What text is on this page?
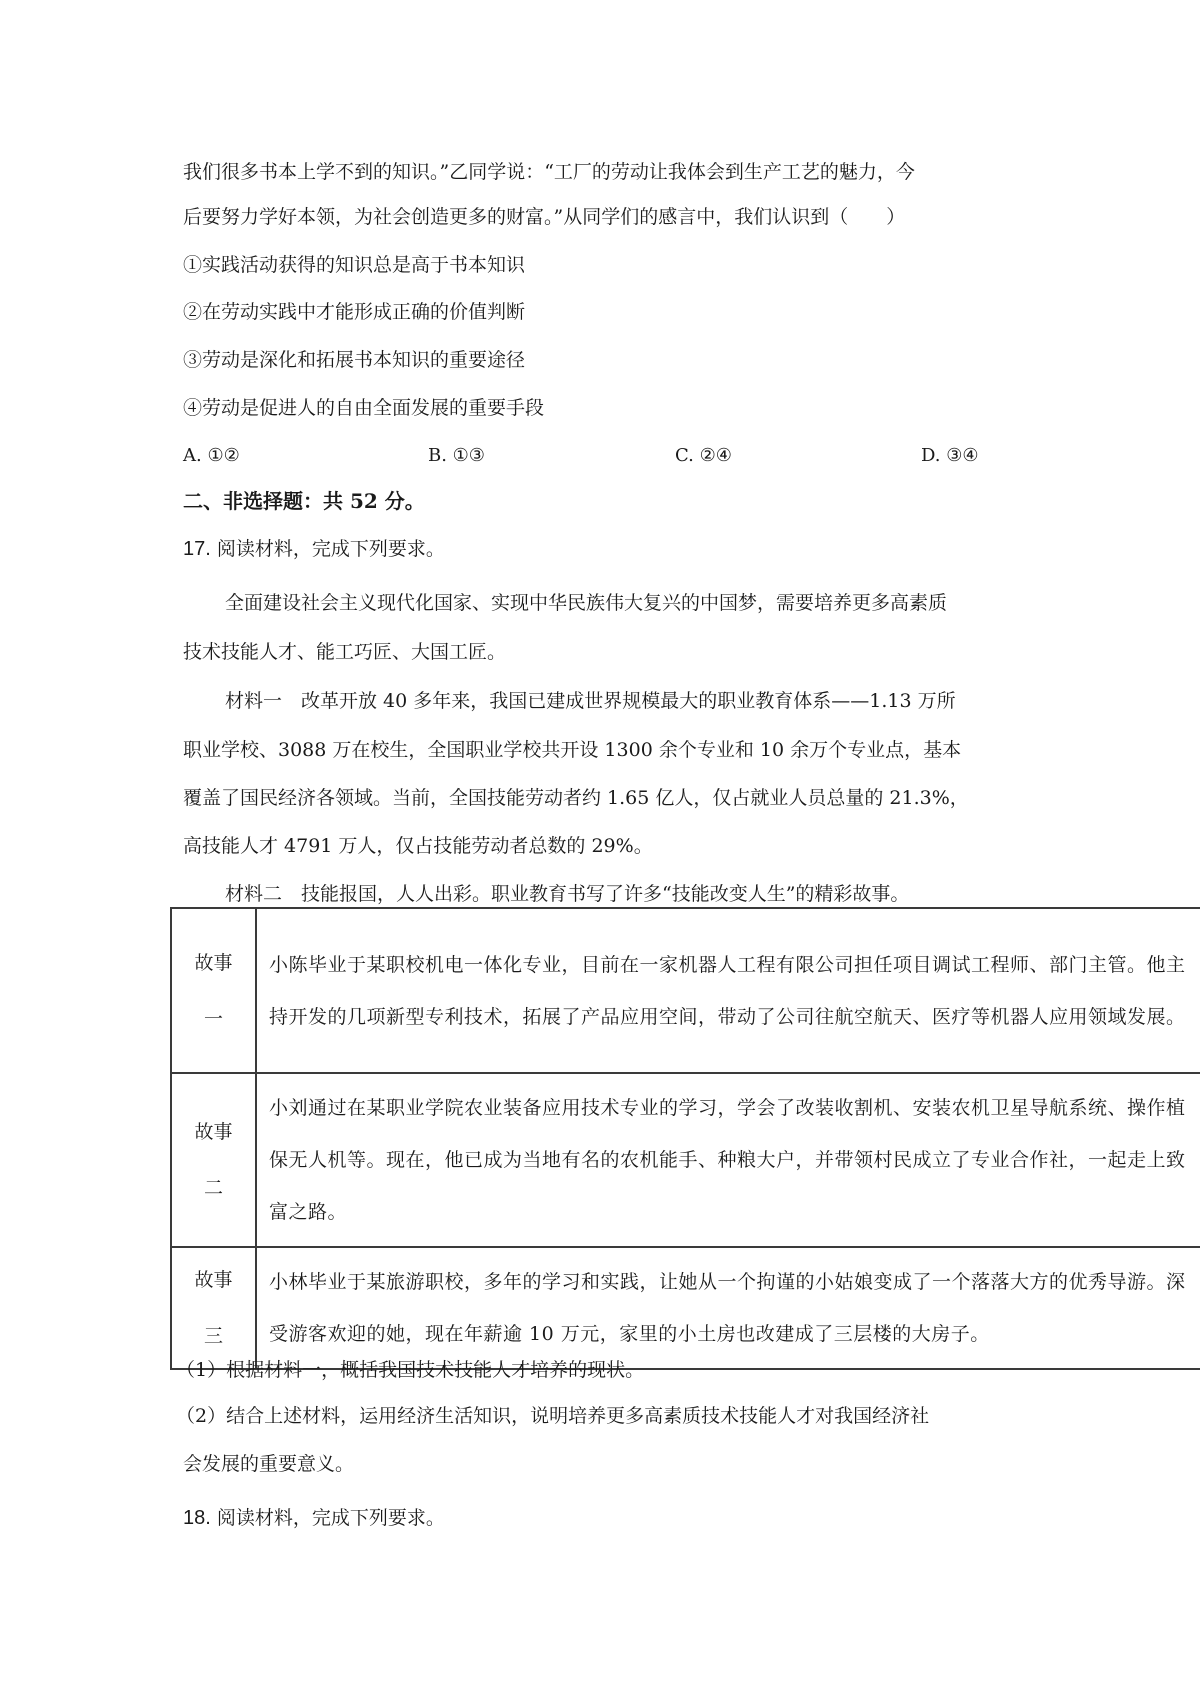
我们很多书本上学不到的知识。”乙同学说：“工厂的劳动让我体会到生产工艺的魅力，今
后要努力学好本领，为社会创造更多的财富。”从同学们的感言中，我们认识到（　　）
①实践活动获得的知识总是高于书本知识
②在劳动实践中才能形成正确的价值判断
③劳动是深化和拓展书本知识的重要途径
④劳动是促进人的自由全面发展的重要手段
A. ①②	B. ①③	C. ②④	D. ③④
二、非选择题：共 52 分。
17. 阅读材料，完成下列要求。
全面建设社会主义现代化国家、实现中华民族伟大复兴的中国梦，需要培养更多高素质
技术技能人才、能工巧匠、大国工匠。
材料一　改革开放 40 多年来，我国已建成世界规模最大的职业教育体系——1.13 万所
职业学校、3088 万在校生，全国职业学校共开设 1300 余个专业和 10 余万个专业点，基本
覆盖了国民经济各领域。当前，全国技能劳动者约 1.65 亿人，仅占就业人员总量的 21.3%，
高技能人才 4791 万人，仅占技能劳动者总数的 29%。
材料二　技能报国，人人出彩。职业教育书写了许多“技能改变人生”的精彩故事。
故事一	小陈毕业于某职校机电一体化专业，目前在一家机器人工程有限公司担任项目调试工程师、部门主管。他主持开发的几项新型专利技术，拓展了产品应用空间，带动了公司往航空航天、医疗等机器人应用领域发展。

故事二	小刘通过在某职业学院农业装备应用技术专业的学习，学会了改装收割机、安装农机卫星导航系统、操作植保无人机等。现在，他已成为当地有名的农机能手、种粮大户，并带领村民成立了专业合作社，一起走上致富之路。

故事三	小林毕业于某旅游职校，多年的学习和实践，让她从一个拘谨的小姑娘变成了一个落落大方的优秀导游。深受游客欢迎的她，现在年薪逾 10 万元，家里的小土房也改建成了三层楼的大房子。
（1）根据材料一，概括我国技术技能人才培养的现状。
（2）结合上述材料，运用经济生活知识，说明培养更多高素质技术技能人才对我国经济社
会发展的重要意义。
18. 阅读材料，完成下列要求。
